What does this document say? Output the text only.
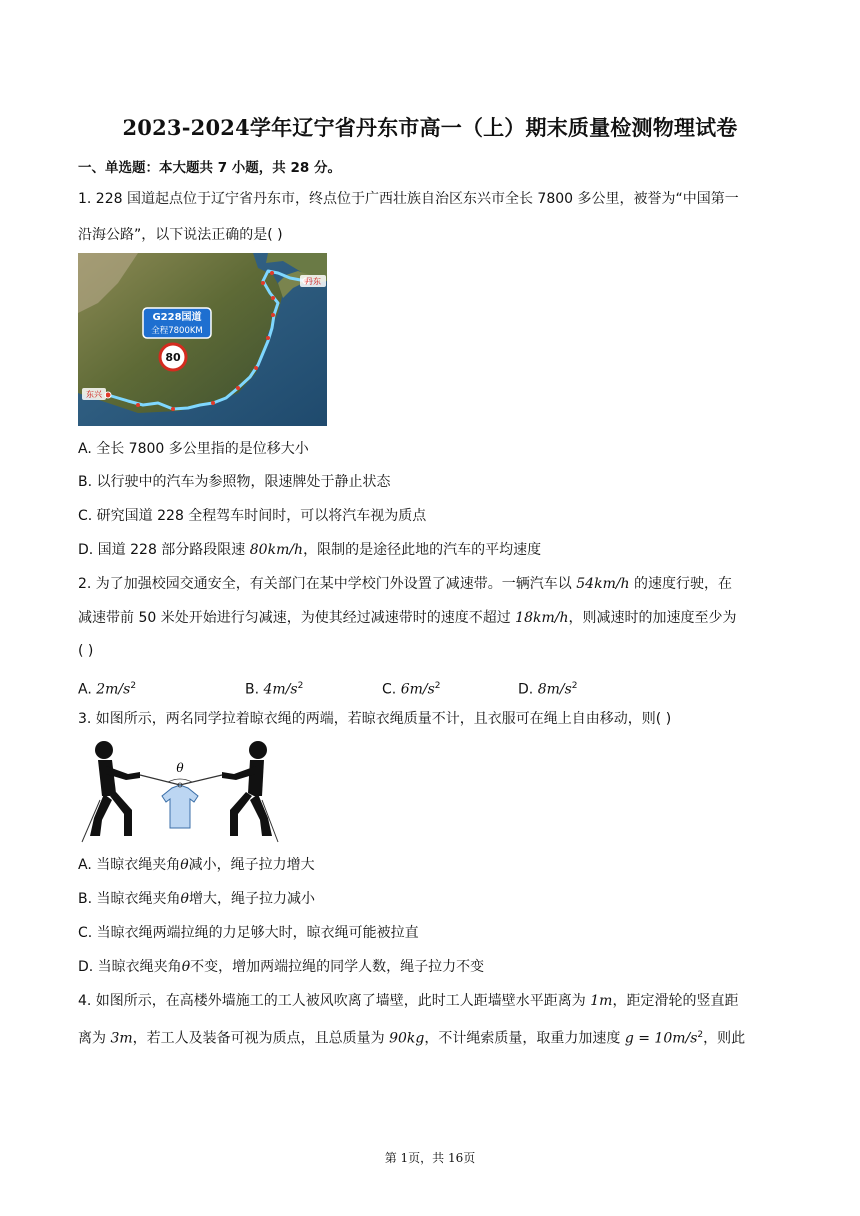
2023-2024学年辽宁省丹东市高一（上）期末质量检测物理试卷
一、单选题：本大题共 7 小题，共 28 分。
1. 228 国道起点位于辽宁省丹东市，终点位于广西壮族自治区东兴市全长 7800 多公里，被誉为“中国第一
沿海公路”，以下说法正确的是( )
丹东
东兴
G228国道
全程7800KM
80
A. 全长 7800 多公里指的是位移大小
B. 以行驶中的汽车为参照物，限速牌处于静止状态
C. 研究国道 228 全程驾车时间时，可以将汽车视为质点
D. 国道 228 部分路段限速 80km/h，限制的是途径此地的汽车的平均速度
2. 为了加强校园交通安全，有关部门在某中学校门外设置了减速带。一辆汽车以 54km/h 的速度行驶，在
减速带前 50 米处开始进行匀减速，为使其经过减速带时的速度不超过 18km/h，则减速时的加速度至少为
( )
A. $2m/s^2$	B. $4m/s^2$	C. $6m/s^2$	D. $8m/s^2$
3. 如图所示，两名同学拉着晾衣绳的两端，若晾衣绳质量不计，且衣服可在绳上自由移动，则( )
θ
A. 当晾衣绳夹角θ减小，绳子拉力增大
B. 当晾衣绳夹角θ增大，绳子拉力减小
C. 当晾衣绳两端拉绳的力足够大时，晾衣绳可能被拉直
D. 当晾衣绳夹角θ不变，增加两端拉绳的同学人数，绳子拉力不变
4. 如图所示，在高楼外墙施工的工人被风吹离了墙壁，此时工人距墙壁水平距离为 1m，距定滑轮的竖直距
离为 3m，若工人及装备可视为质点，且总质量为 90kg，不计绳索质量，取重力加速度 $g = 10m/s^2$，则此
第 1页，共 16页
